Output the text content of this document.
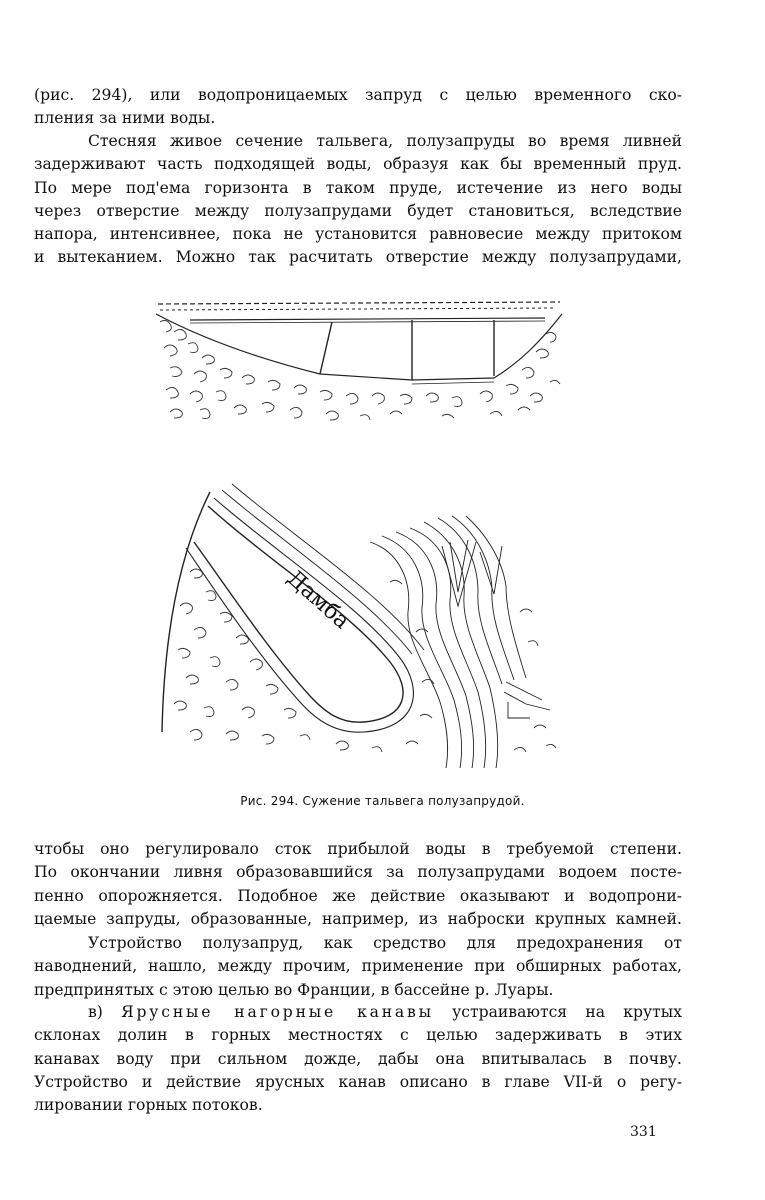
(рис. 294), или водопроницаемых запруд с целью временного ско-
пления за ними воды.

Стесняя живое сечение тальвега, полузапруды во время ливней
задерживают часть подходящей воды, образуя как бы временный пруд.
По мере под'ема горизонта в таком пруде, истечение из него воды
через отверстие между полузапрудами будет становиться, вследствие
напора, интенсивнее, пока не установится равновесие между притоком
и вытеканием. Можно так расчитать отверстие между полузапрудами,

Дамба
Рис. 294. Сужение тальвега полузапрудой.

чтобы оно регулировало сток прибылой воды в требуемой степени.
По окончании ливня образовавшийся за полузапрудами водоем посте-
пенно опорожняется. Подобное же действие оказывают и водопрони-
цаемые запруды, образованные, например, из наброски крупных камней.

Устройство полузапруд, как средство для предохранения от
наводнений, нашло, между прочим, применение при обширных работах,
предпринятых с этою целью во Франции, в бассейне р. Луары.

в) Ярусные нагорные канавы устраиваются на крутых
склонах долин в горных местностях с целью задерживать в этих
канавах воду при сильном дожде, дабы она впитывалась в почву.
Устройство и действие ярусных канав описано в главе VII-й о регу-
лировании горных потоков.

331
